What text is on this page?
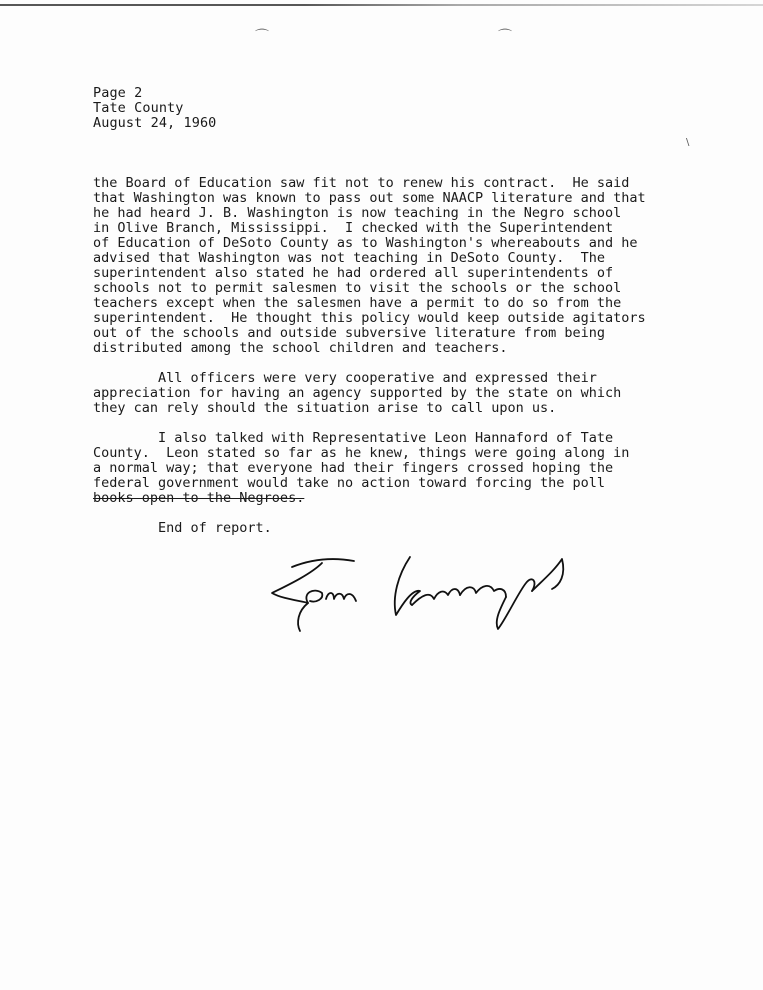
⌒	⌒
\
Page 2
Tate County
August 24, 1960
the Board of Education saw fit not to renew his contract.  He said
that Washington was known to pass out some NAACP literature and that
he had heard J. B. Washington is now teaching in the Negro school
in Olive Branch, Mississippi.  I checked with the Superintendent
of Education of DeSoto County as to Washington's whereabouts and he
advised that Washington was not teaching in DeSoto County.  The
superintendent also stated he had ordered all superintendents of
schools not to permit salesmen to visit the schools or the school
teachers except when the salesmen have a permit to do so from the
superintendent.  He thought this policy would keep outside agitators
out of the schools and outside subversive literature from being
distributed among the school children and teachers.
All officers were very cooperative and expressed their
appreciation for having an agency supported by the state on which
they can rely should the situation arise to call upon us.
I also talked with Representative Leon Hannaford of Tate
County.  Leon stated so far as he knew, things were going along in
a normal way; that everyone had their fingers crossed hoping the
federal government would take no action toward forcing the poll
books open to the Negroes.
End of report.
